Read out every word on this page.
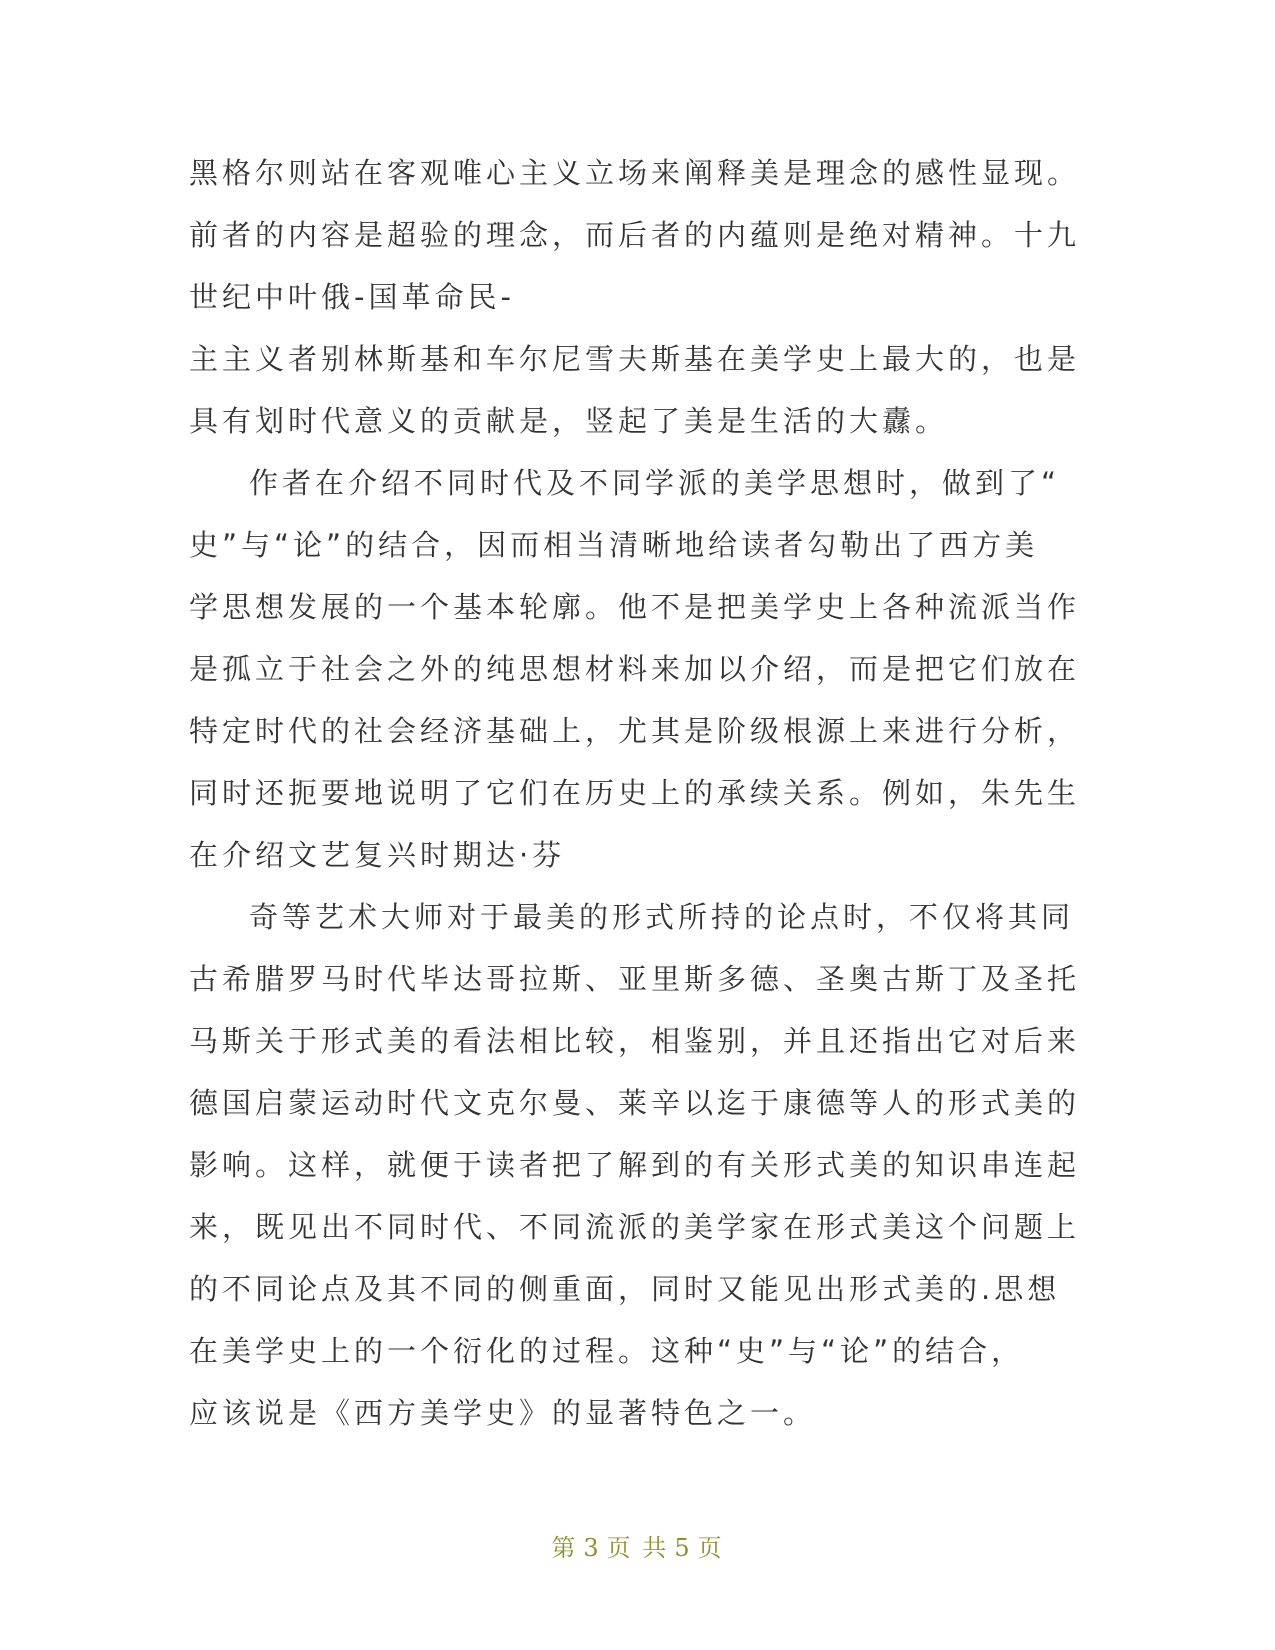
黑格尔则站在客观唯心主义立场来阐释美是理念的感性显现。
前者的内容是超验的理念，而后者的内蕴则是绝对精神。十九
世纪中叶俄-国革命民-
主主义者别林斯基和车尔尼雪夫斯基在美学史上最大的，也是
具有划时代意义的贡献是，竖起了美是生活的大纛。
作者在介绍不同时代及不同学派的美学思想时，做到了“
史”与“论”的结合，因而相当清晰地给读者勾勒出了西方美
学思想发展的一个基本轮廓。他不是把美学史上各种流派当作
是孤立于社会之外的纯思想材料来加以介绍，而是把它们放在
特定时代的社会经济基础上，尤其是阶级根源上来进行分析，
同时还扼要地说明了它们在历史上的承续关系。例如，朱先生
在介绍文艺复兴时期达·芬
奇等艺术大师对于最美的形式所持的论点时，不仅将其同
古希腊罗马时代毕达哥拉斯、亚里斯多德、圣奥古斯丁及圣托
马斯关于形式美的看法相比较，相鉴别，并且还指出它对后来
德国启蒙运动时代文克尔曼、莱辛以迄于康德等人的形式美的
影响。这样，就便于读者把了解到的有关形式美的知识串连起
来，既见出不同时代、不同流派的美学家在形式美这个问题上
的不同论点及其不同的侧重面，同时又能见出形式美的.思想
在美学史上的一个衍化的过程。这种“史”与“论”的结合，
应该说是《西方美学史》的显著特色之一。
第 3 页 共 5 页
